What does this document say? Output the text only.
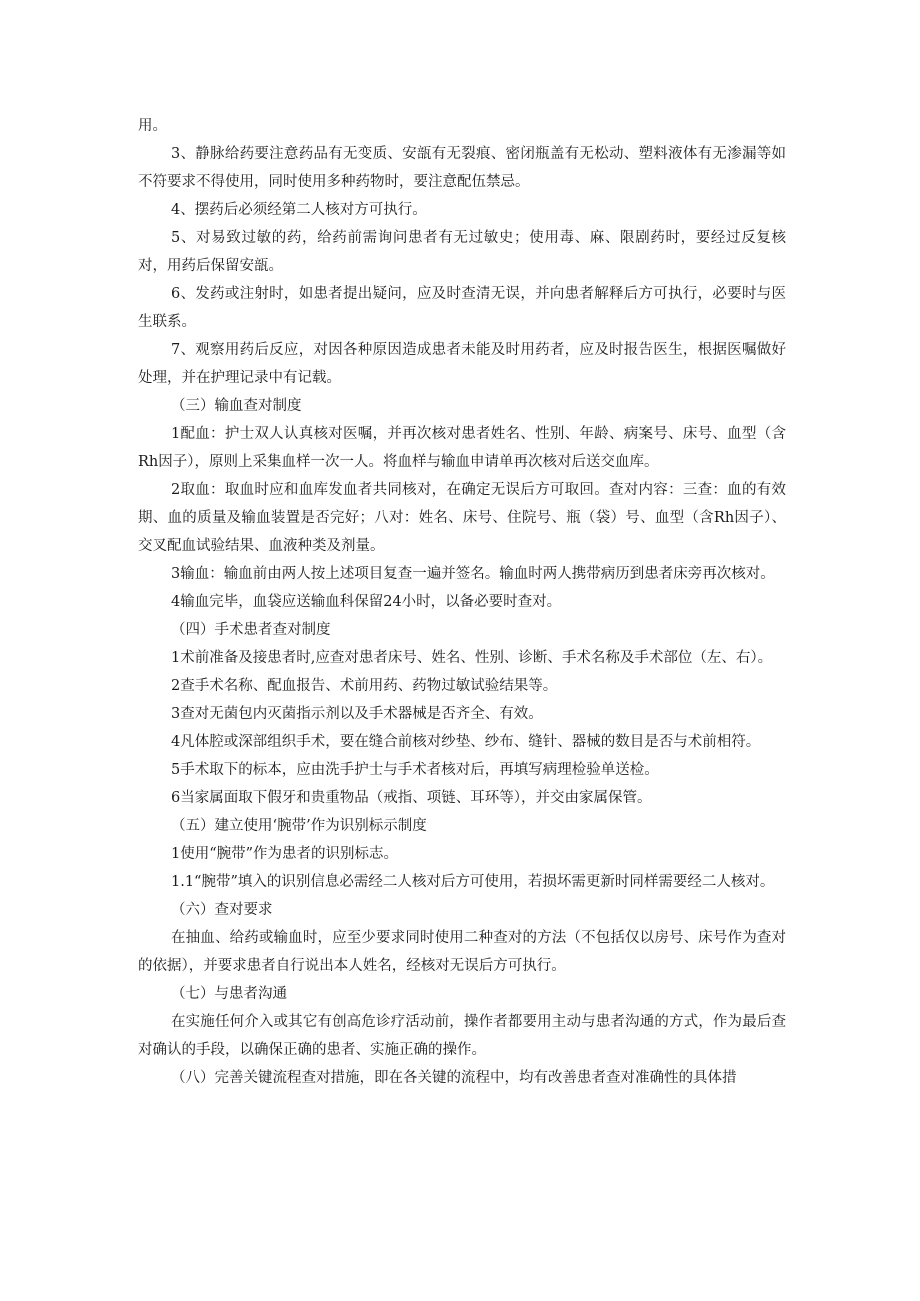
用。

3、静脉给药要注意药品有无变质、安瓿有无裂痕、密闭瓶盖有无松动、塑料液体有无渗漏等如不符要求不得使用，同时使用多种药物时，要注意配伍禁忌。

4、摆药后必须经第二人核对方可执行。

5、对易致过敏的药，给药前需询问患者有无过敏史；使用毒、麻、限剧药时，要经过反复核对，用药后保留安瓿。

6、发药或注射时，如患者提出疑问，应及时查清无误，并向患者解释后方可执行，必要时与医生联系。

7、观察用药后反应，对因各种原因造成患者未能及时用药者，应及时报告医生，根据医嘱做好处理，并在护理记录中有记载。

（三）输血查对制度

1配血：护士双人认真核对医嘱，并再次核对患者姓名、性别、年龄、病案号、床号、血型（含Rh因子），原则上采集血样一次一人。将血样与输血申请单再次核对后送交血库。

2取血：取血时应和血库发血者共同核对，在确定无误后方可取回。查对内容：三查：血的有效期、血的质量及输血装置是否完好；八对：姓名、床号、住院号、瓶（袋）号、血型（含Rh因子）、交叉配血试验结果、血液种类及剂量。

3输血：输血前由两人按上述项目复查一遍并签名。输血时两人携带病历到患者床旁再次核对。

4输血完毕，血袋应送输血科保留24小时，以备必要时查对。

（四）手术患者查对制度

1术前准备及接患者时,应查对患者床号、姓名、性别、诊断、手术名称及手术部位（左、右）。

2查手术名称、配血报告、术前用药、药物过敏试验结果等。

3查对无菌包内灭菌指示剂以及手术器械是否齐全、有效。

4凡体腔或深部组织手术，要在缝合前核对纱垫、纱布、缝针、器械的数目是否与术前相符。

5手术取下的标本，应由洗手护士与手术者核对后，再填写病理检验单送检。

6当家属面取下假牙和贵重物品（戒指、项链、耳环等），并交由家属保管。

（五）建立使用‘腕带’作为识别标示制度

1使用“腕带”作为患者的识别标志。

1.1“腕带”填入的识别信息必需经二人核对后方可使用，若损坏需更新时同样需要经二人核对。

（六）查对要求

在抽血、给药或输血时，应至少要求同时使用二种查对的方法（不包括仅以房号、床号作为查对的依据），并要求患者自行说出本人姓名，经核对无误后方可执行。

（七）与患者沟通

在实施任何介入或其它有创高危诊疗活动前，操作者都要用主动与患者沟通的方式，作为最后查对确认的手段，以确保正确的患者、实施正确的操作。

（八）完善关键流程查对措施，即在各关键的流程中，均有改善患者查对准确性的具体措
